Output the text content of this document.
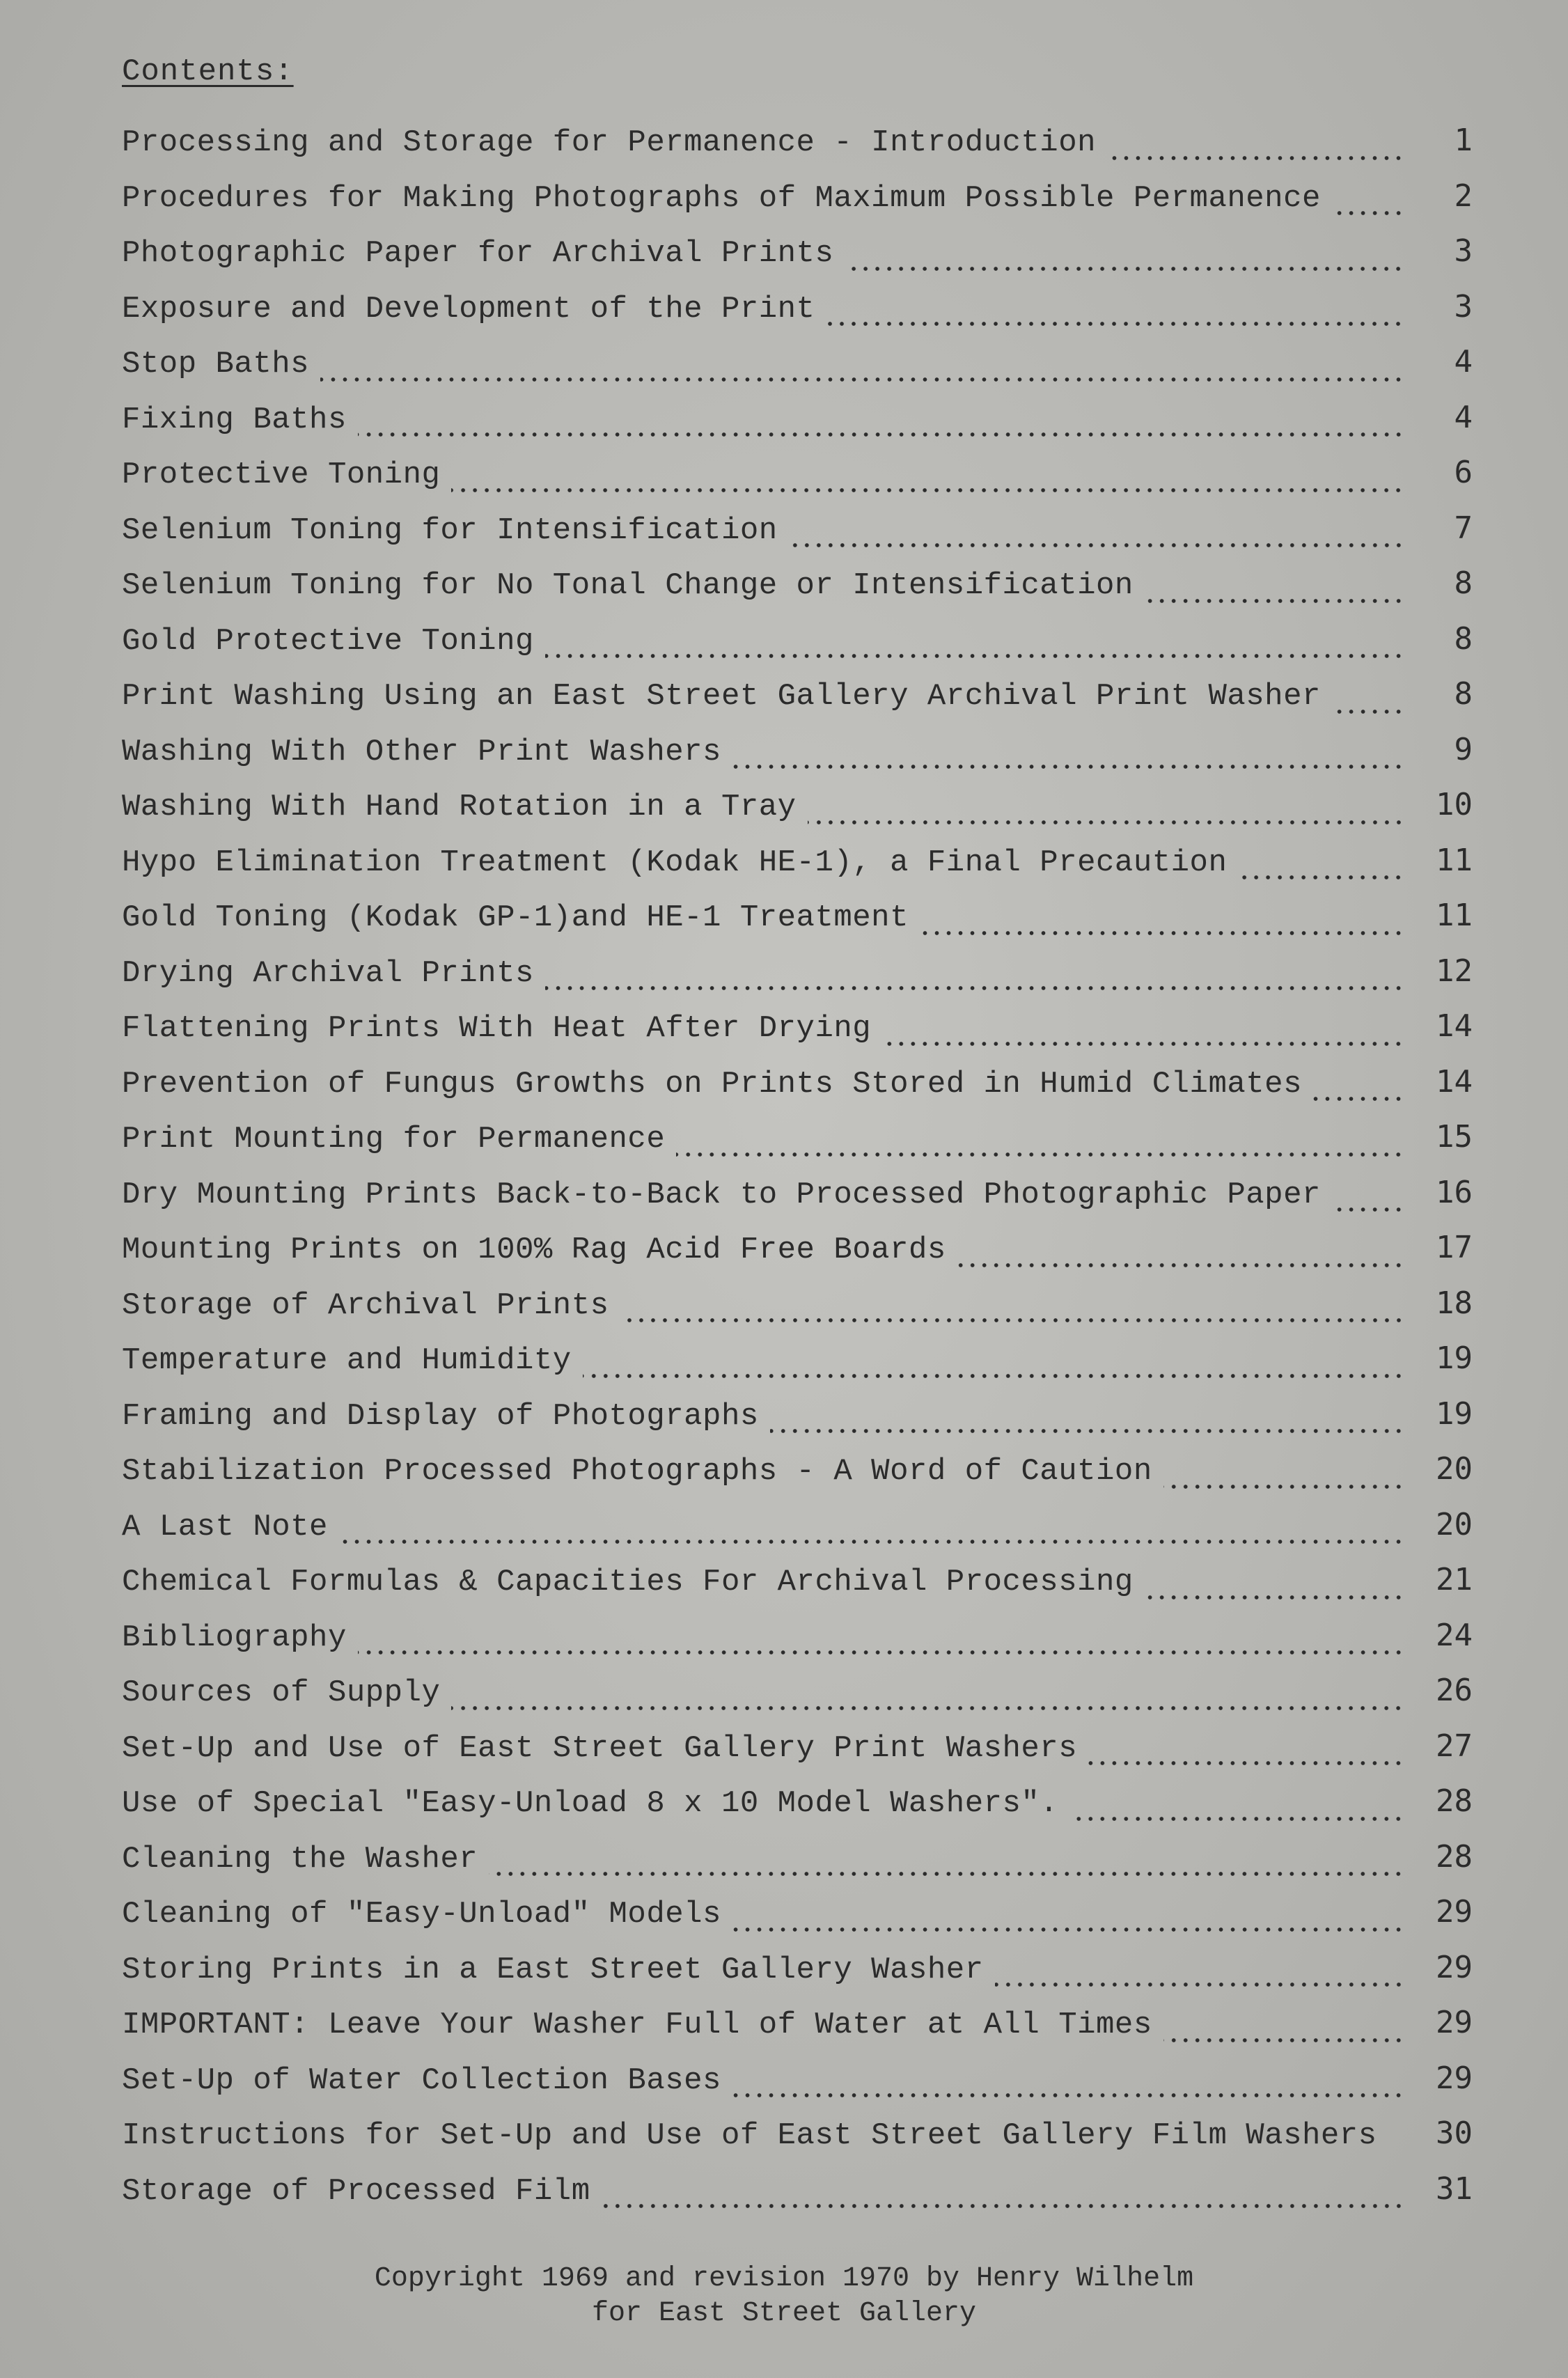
Contents:
Processing and Storage for Permanence - Introduction	1
Procedures for Making Photographs of Maximum Possible Permanence	2
Photographic Paper for Archival Prints	3
Exposure and Development of the Print	3
Stop Baths	4
Fixing Baths	4
Protective Toning	6
Selenium Toning for Intensification	7
Selenium Toning for No Tonal Change or Intensification	8
Gold Protective Toning	8
Print Washing Using an East Street Gallery Archival Print Washer	8
Washing With Other Print Washers	9
Washing With Hand Rotation in a Tray	10
Hypo Elimination Treatment (Kodak HE-1), a Final Precaution	11
Gold Toning (Kodak GP-1)and HE-1 Treatment	11
Drying Archival Prints	12
Flattening Prints With Heat After Drying	14
Prevention of Fungus Growths on Prints Stored in Humid Climates	14
Print Mounting for Permanence	15
Dry Mounting Prints Back-to-Back to Processed Photographic Paper	16
Mounting Prints on 100% Rag Acid Free Boards	17
Storage of Archival Prints	18
Temperature and Humidity	19
Framing and Display of Photographs	19
Stabilization Processed Photographs - A Word of Caution	20
A Last Note	20
Chemical Formulas & Capacities For Archival Processing	21
Bibliography	24
Sources of Supply	26
Set-Up and Use of East Street Gallery Print Washers	27
Use of Special "Easy-Unload 8 x 10 Model Washers".	28
Cleaning the Washer	28
Cleaning of "Easy-Unload" Models	29
Storing Prints in a East Street Gallery Washer	29
IMPORTANT: Leave Your Washer Full of Water at All Times	29
Set-Up of Water Collection Bases	29
Instructions for Set-Up and Use of East Street Gallery Film Washers	30
Storage of Processed Film	31
Copyright 1969 and revision 1970 by Henry Wilhelm
for East Street Gallery
